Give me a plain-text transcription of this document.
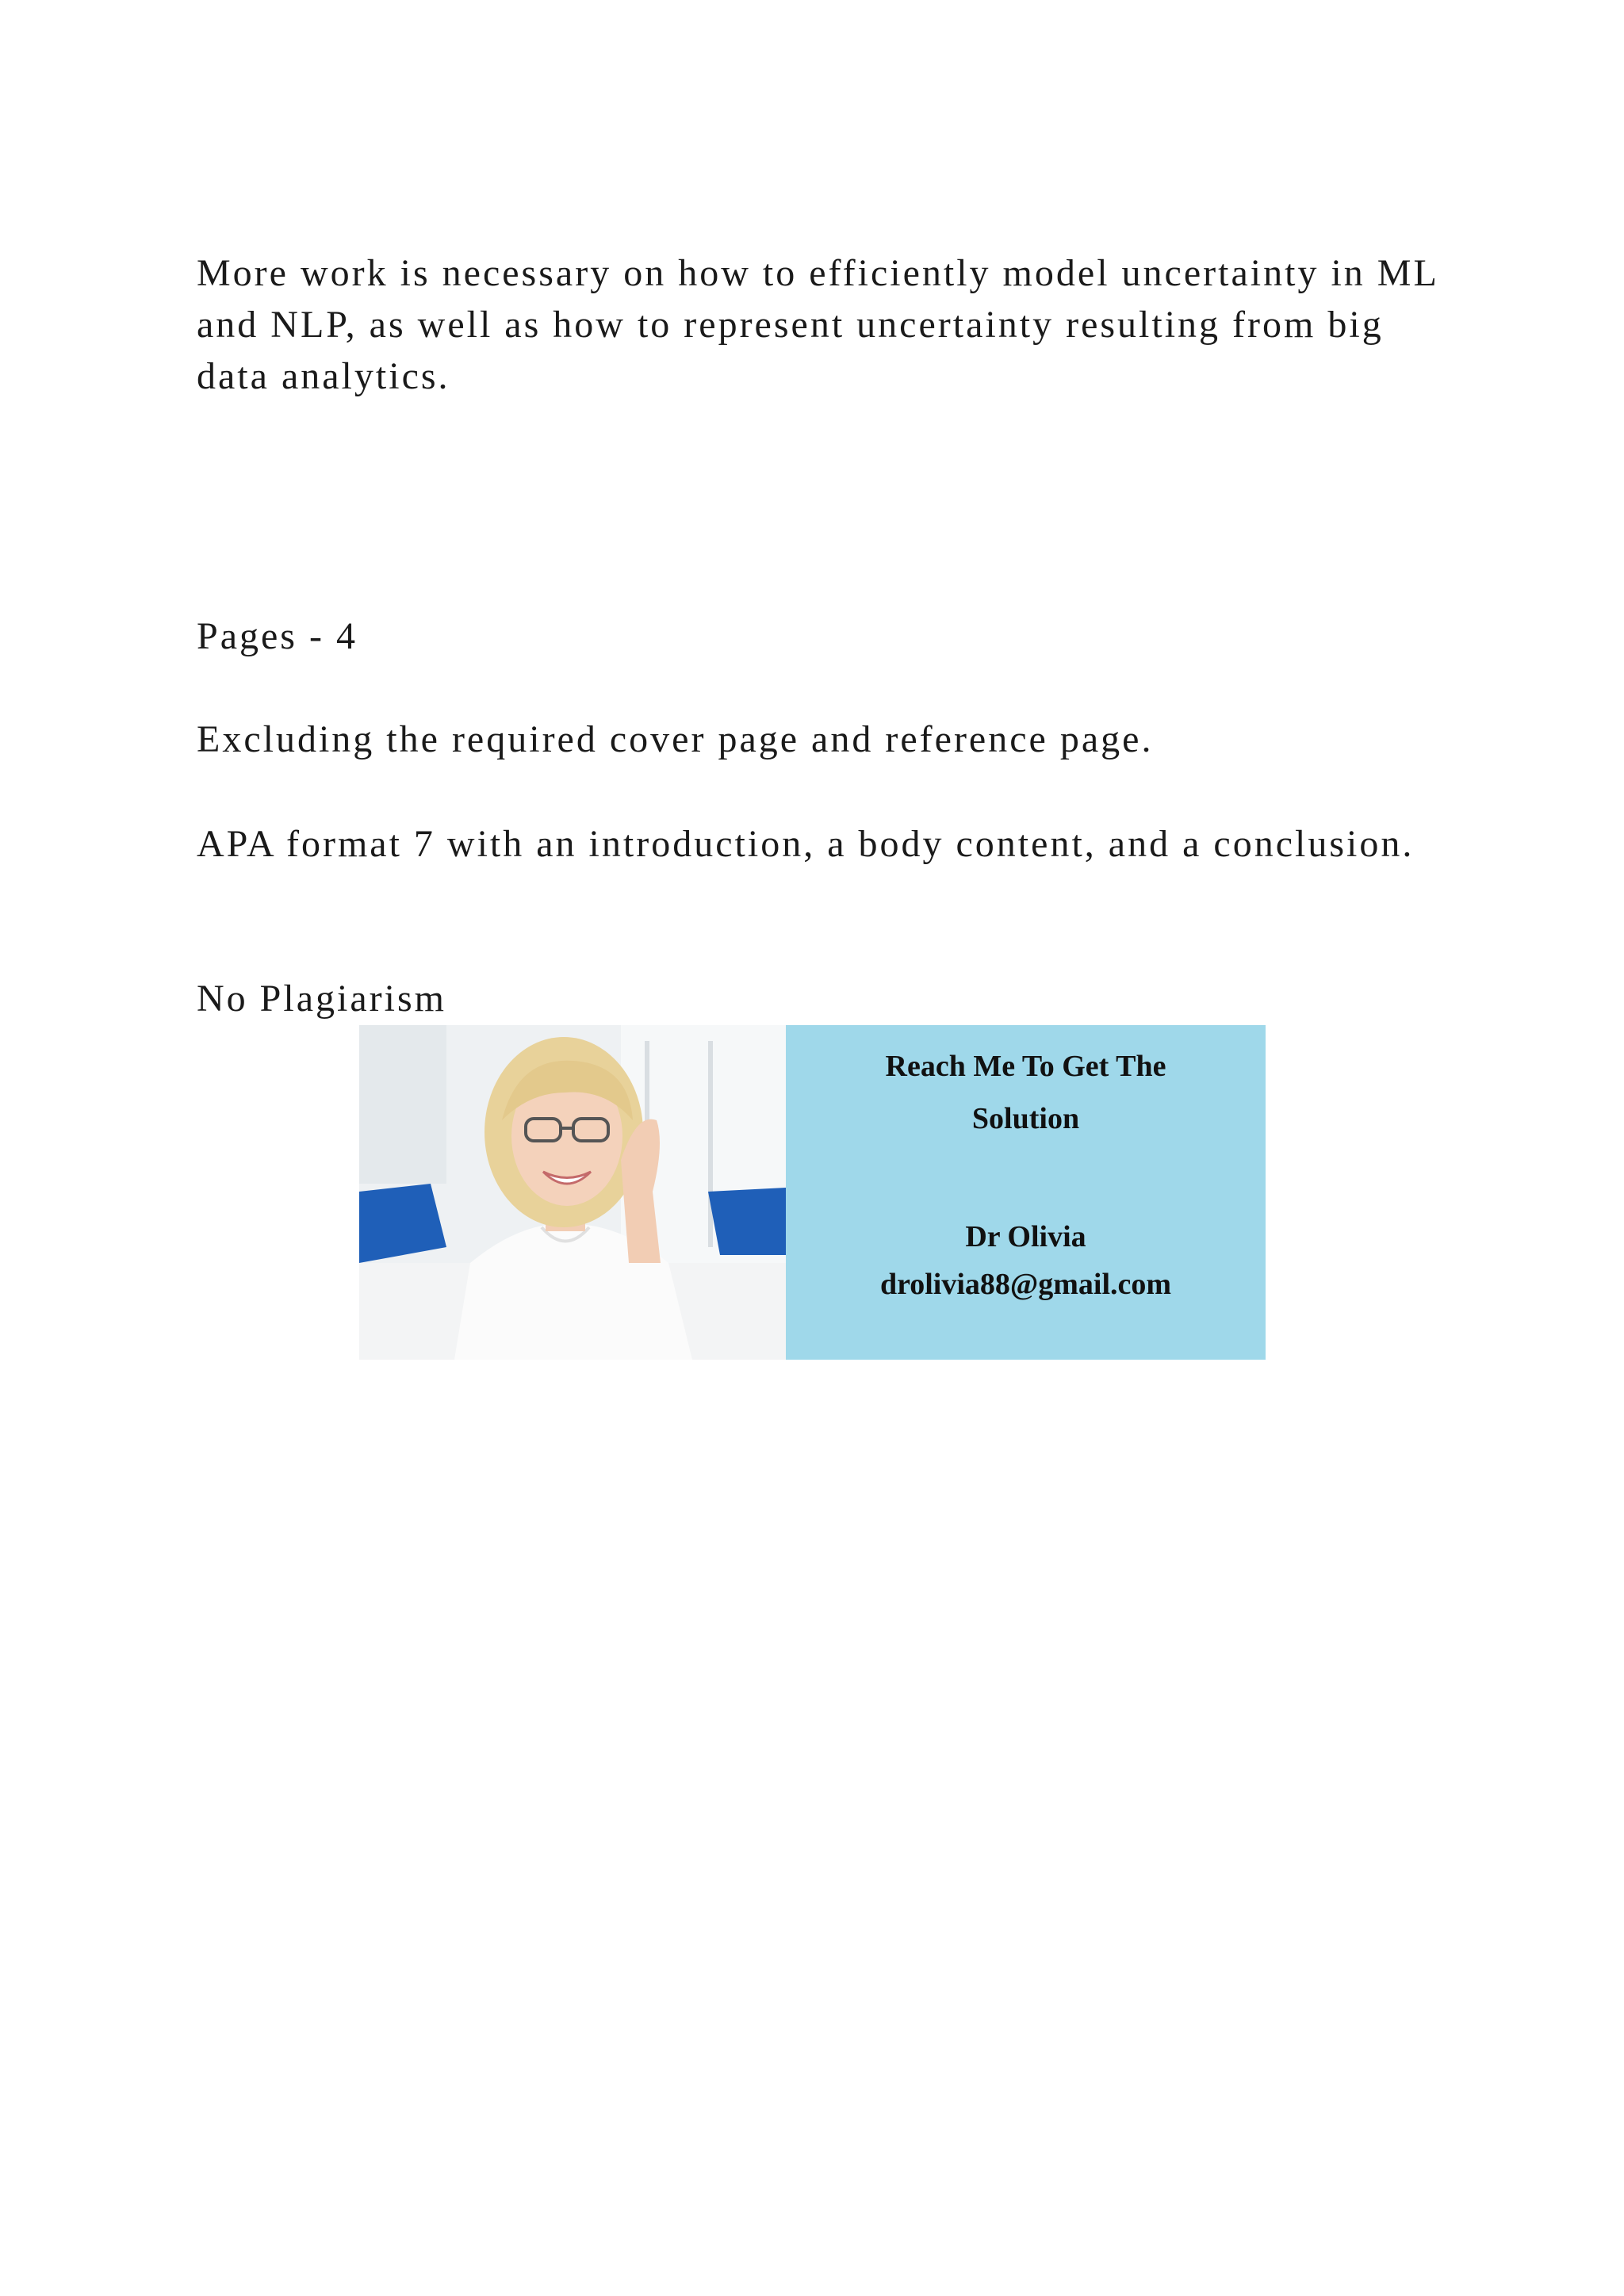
More work is necessary on how to efficiently model uncertainty in ML and NLP, as well as how to represent uncertainty resulting from big data analytics.

Pages - 4

Excluding the required cover page and reference page.

APA format 7 with an introduction, a body content, and a conclusion.

No Plagiarism

Reach Me To Get The
Solution
Dr Olivia
drolivia88@gmail.com
